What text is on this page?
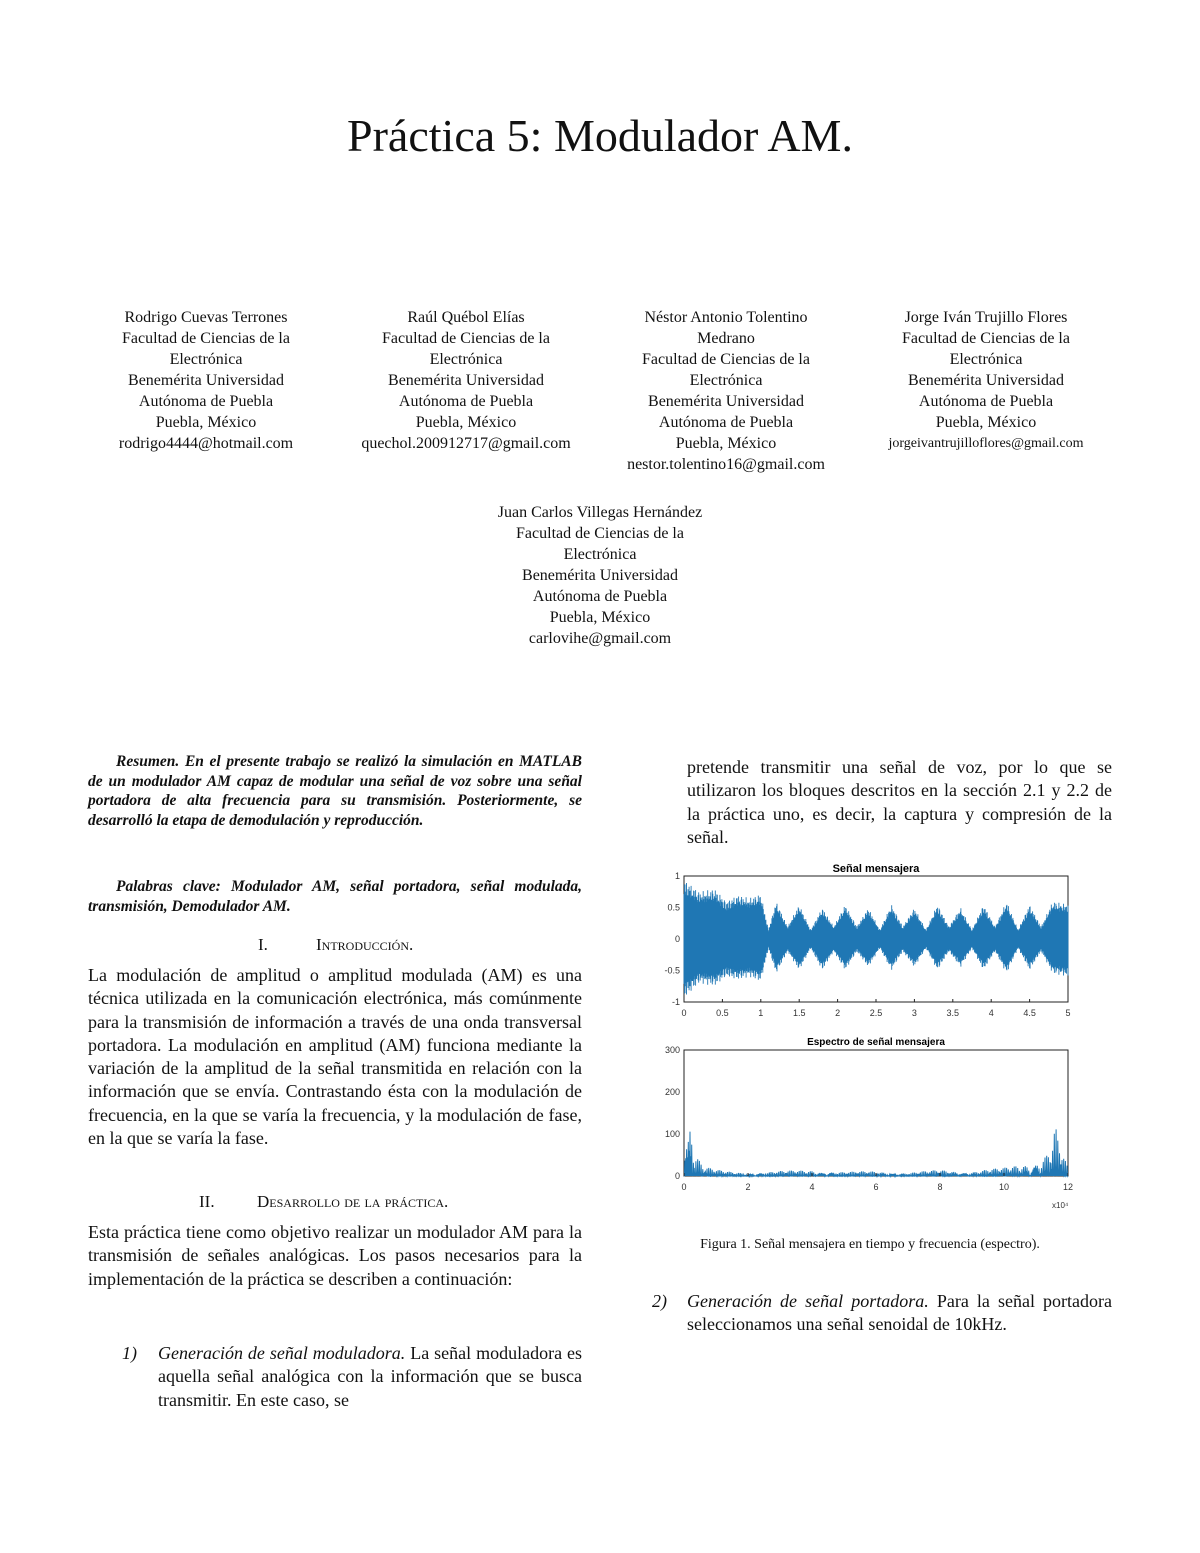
Práctica 5: Modulador AM.
Rodrigo Cuevas Terrones
Facultad de Ciencias de la
Electrónica
Benemérita Universidad
Autónoma de Puebla
Puebla, México
rodrigo4444@hotmail.com
Raúl Québol Elías
Facultad de Ciencias de la
Electrónica
Benemérita Universidad
Autónoma de Puebla
Puebla, México
quechol.200912717@gmail.com
Néstor Antonio Tolentino
Medrano
Facultad de Ciencias de la
Electrónica
Benemérita Universidad
Autónoma de Puebla
Puebla, México
nestor.tolentino16@gmail.com
Jorge Iván Trujillo Flores
Facultad de Ciencias de la
Electrónica
Benemérita Universidad
Autónoma de Puebla
Puebla, México
jorgeivantrujilloflores@gmail.com
Juan Carlos Villegas Hernández
Facultad de Ciencias de la
Electrónica
Benemérita Universidad
Autónoma de Puebla
Puebla, México
carlovihe@gmail.com

Resumen. En el presente trabajo se realizó la simulación en MATLAB de un modulador AM capaz de modular una señal de voz sobre una señal portadora de alta frecuencia para su transmisión. Posteriormente, se desarrolló la etapa de demodulación y reproducción.

Palabras clave: Modulador AM, señal portadora, señal modulada, transmisión, Demodulador AM.
I.	Introducción.
La modulación de amplitud o amplitud modulada (AM) es una técnica utilizada en la comunicación electrónica, más comúnmente para la transmisión de información a través de una onda transversal portadora. La modulación en amplitud (AM) funciona mediante la variación de la amplitud de la señal transmitida en relación con la información que se envía. Contrastando ésta con la modulación de frecuencia, en la que se varía la frecuencia, y la modulación de fase, en la que se varía la fase.
II. Desarrollo de la práctica.
Esta práctica tiene como objetivo realizar un modulador AM para la transmisión de señales analógicas. Los pasos necesarios para la implementación de la práctica se describen a continuación:
1)	Generación de señal moduladora. La señal moduladora es aquella señal analógica con la información que se busca transmitir. En este caso, se
pretende transmitir una señal de voz, por lo que se utilizaron los bloques descritos en la sección 2.1 y 2.2 de la práctica uno, es decir, la captura y compresión de la señal.
Señal mensajera
0	0.5	1	1.5	2	2.5	3	3.5	4	4.5	5
-1
-0.5
0
0.5
1
Espectro de señal mensajera
0	2	4	6	8	10	12
0
100
200
300
x10⁴
Figura 1. Señal mensajera en tiempo y frecuencia (espectro).
2)	Generación de señal portadora. Para la señal portadora seleccionamos una señal senoidal de 10kHz.
